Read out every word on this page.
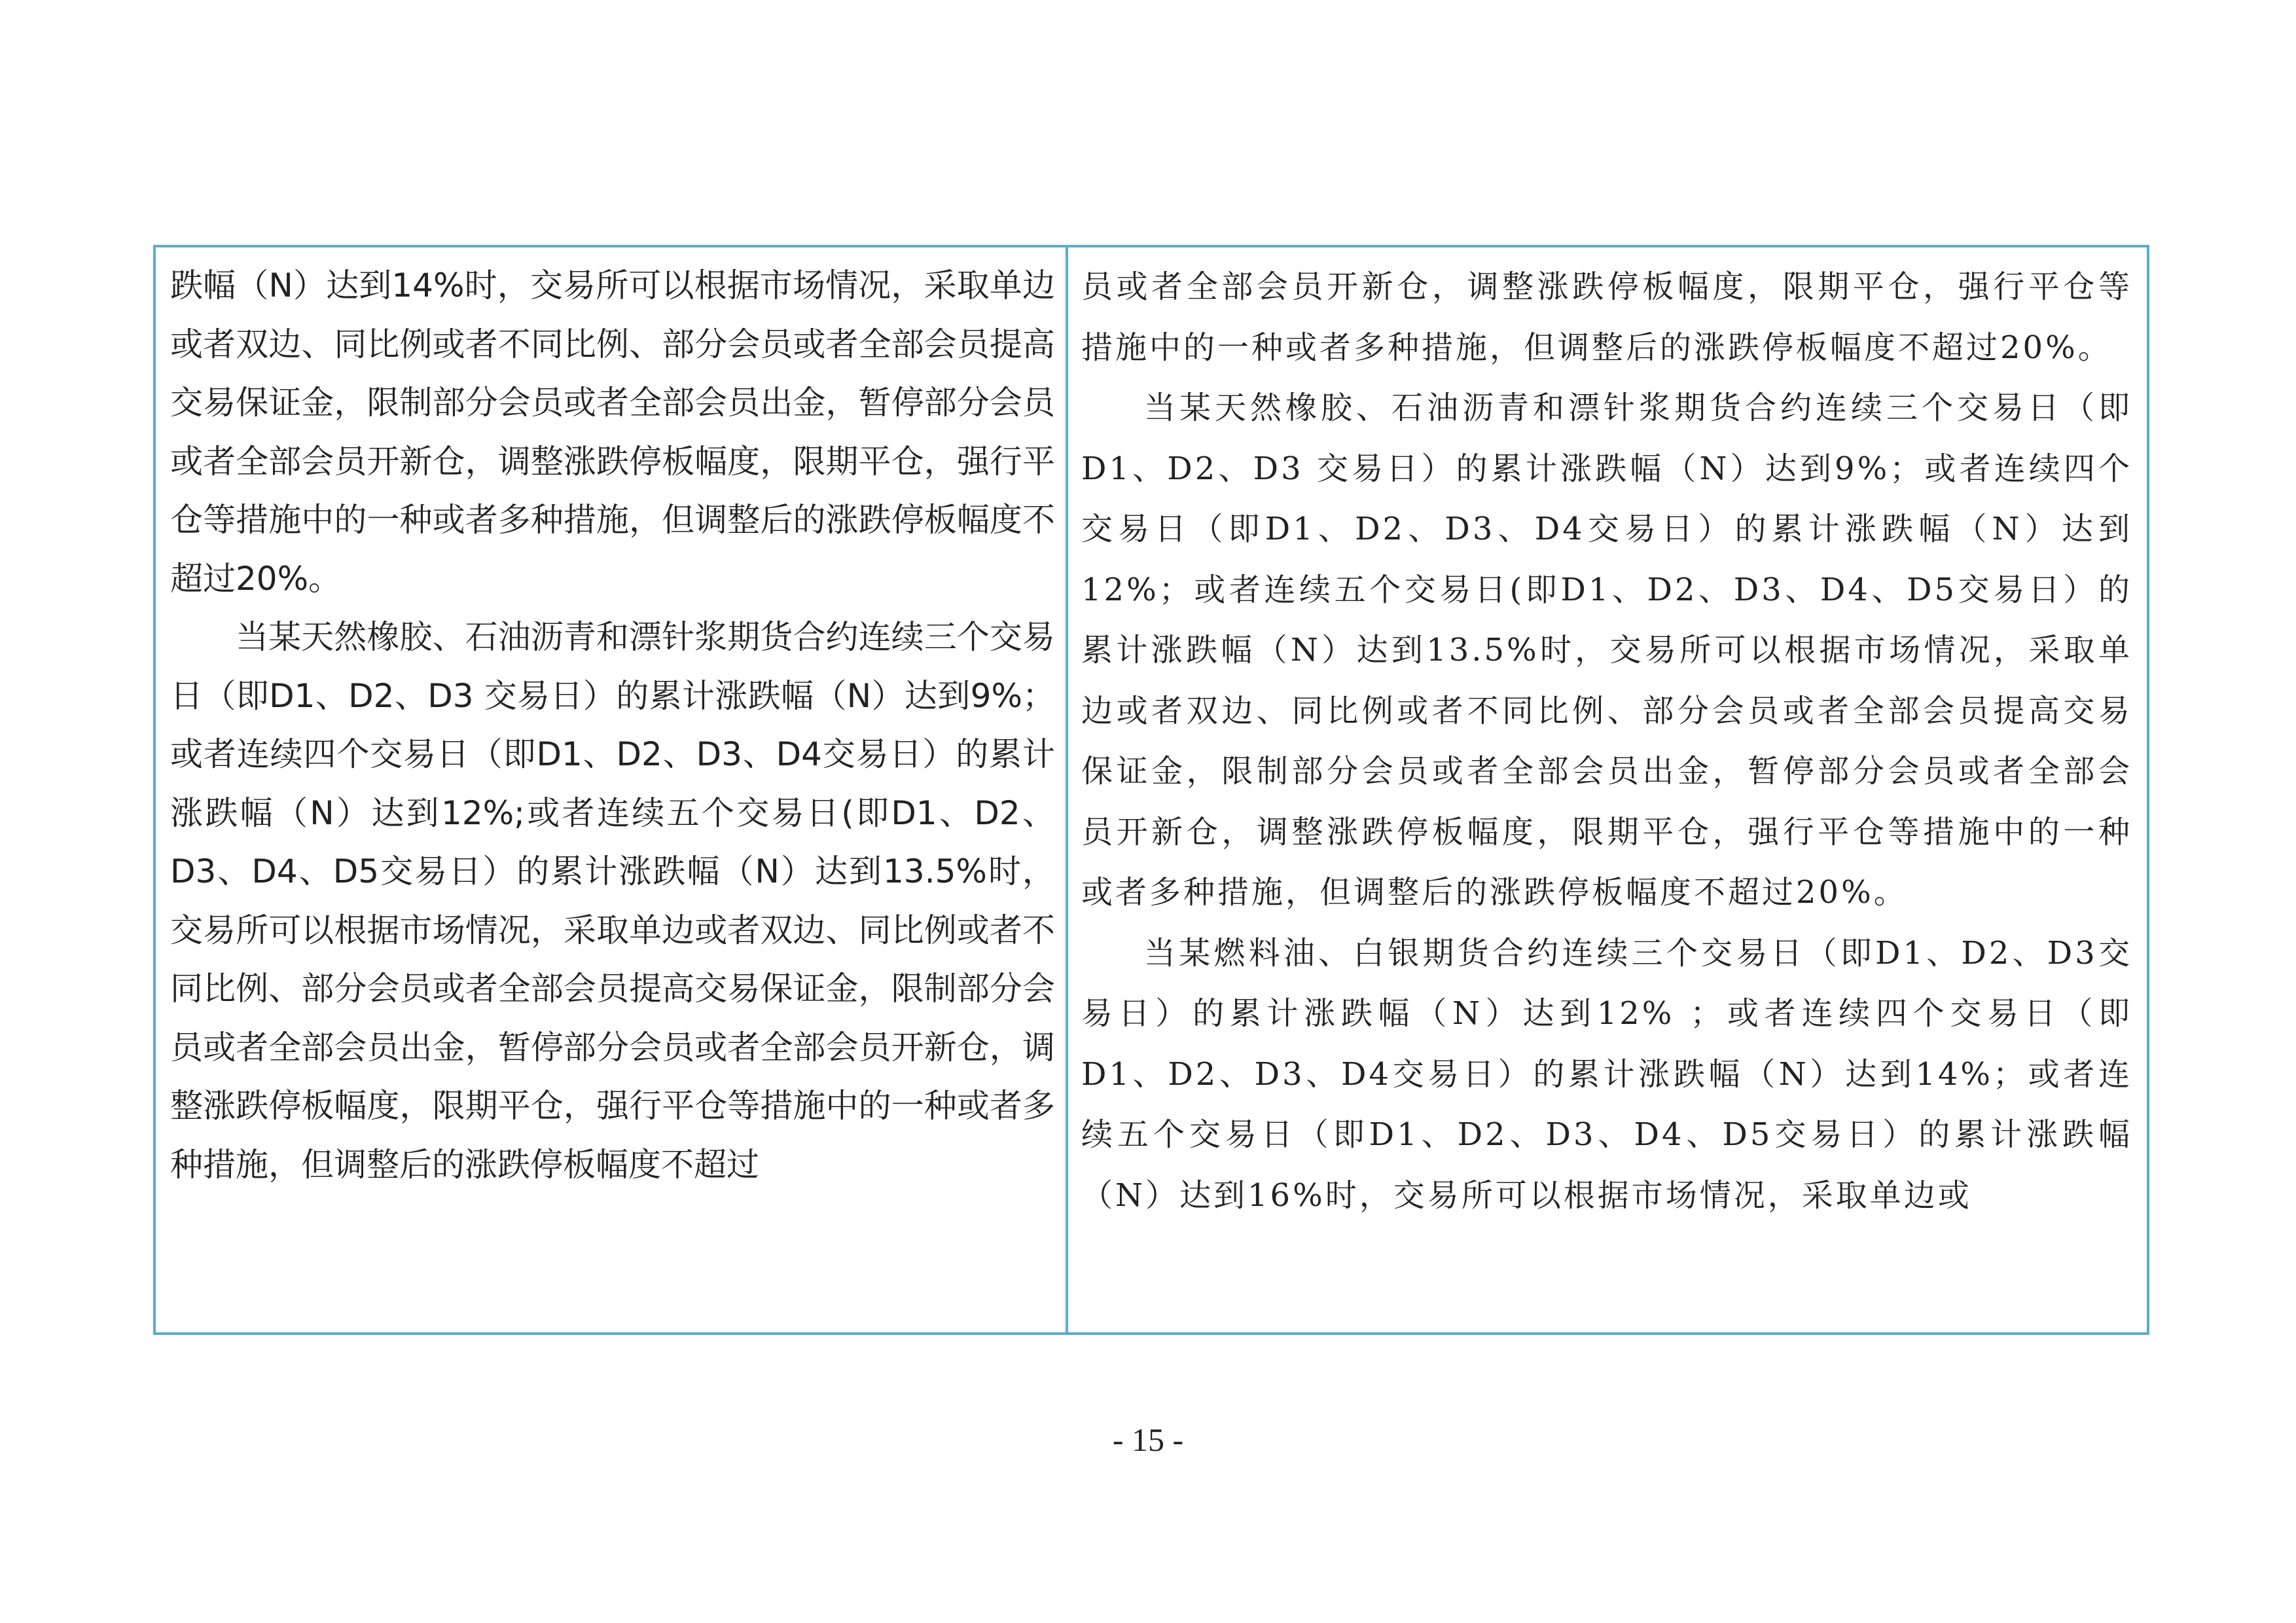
跌幅（N）达到14%时，交易所可以根据市场情况，采取单边或者双边、同比例或者不同比例、部分会员或者全部会员提高交易保证金，限制部分会员或者全部会员出金，暂停部分会员或者全部会员开新仓，调整涨跌停板幅度，限期平仓，强行平仓等措施中的一种或者多种措施，但调整后的涨跌停板幅度不超过20%。

当某天然橡胶、石油沥青和漂针浆期货合约连续三个交易日（即D1、D2、D3 交易日）的累计涨跌幅（N）达到9%；或者连续四个交易日（即D1、D2、D3、D4交易日）的累计涨跌幅（N）达到12%;或者连续五个交易日(即D1、D2、D3、D4、D5交易日）的累计涨跌幅（N）达到13.5%时，交易所可以根据市场情况，采取单边或者双边、同比例或者不同比例、部分会员或者全部会员提高交易保证金，限制部分会员或者全部会员出金，暂停部分会员或者全部会员开新仓，调整涨跌停板幅度，限期平仓，强行平仓等措施中的一种或者多种措施，但调整后的涨跌停板幅度不超过

员或者全部会员开新仓，调整涨跌停板幅度，限期平仓，强行平仓等措施中的一种或者多种措施，但调整后的涨跌停板幅度不超过20%。

当某天然橡胶、石油沥青和漂针浆期货合约连续三个交易日（即D1、D2、D3 交易日）的累计涨跌幅（N）达到9%；或者连续四个交易日（即D1、D2、D3、D4交易日）的累计涨跌幅（N）达到12%；或者连续五个交易日(即D1、D2、D3、D4、D5交易日）的累计涨跌幅（N）达到13.5%时，交易所可以根据市场情况，采取单边或者双边、同比例或者不同比例、部分会员或者全部会员提高交易保证金，限制部分会员或者全部会员出金，暂停部分会员或者全部会员开新仓，调整涨跌停板幅度，限期平仓，强行平仓等措施中的一种或者多种措施，但调整后的涨跌停板幅度不超过20%。

当某燃料油、白银期货合约连续三个交易日（即D1、D2、D3交易日）的累计涨跌幅（N）达到12% ；或者连续四个交易日（即D1、D2、D3、D4交易日）的累计涨跌幅（N）达到14%；或者连续五个交易日（即D1、D2、D3、D4、D5交易日）的累计涨跌幅（N）达到16%时，交易所可以根据市场情况，采取单边或

- 15 -
